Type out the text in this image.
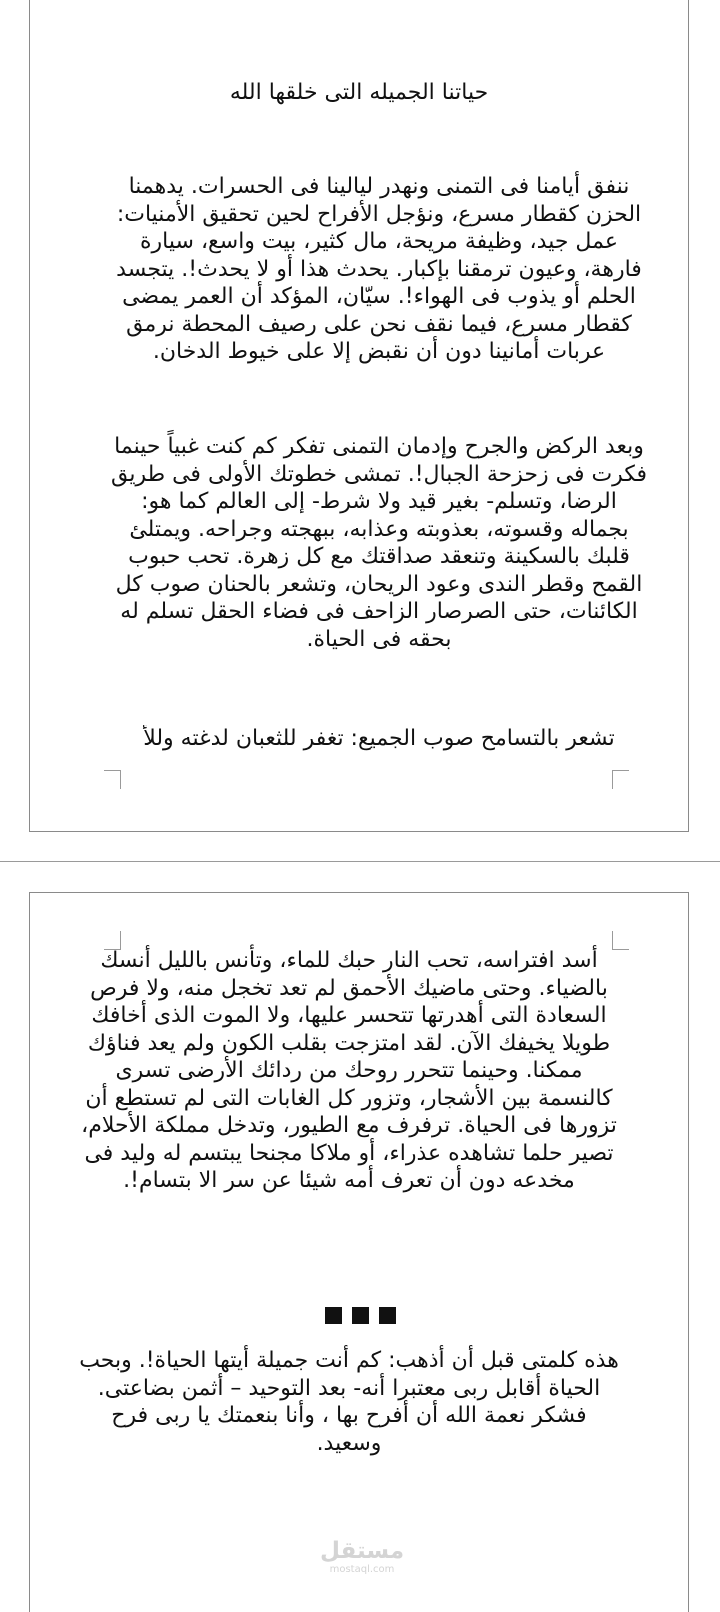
حياتنا الجميله التى خلقها الله

ننفق أيامنا فى التمنى ونهدر ليالينا فى الحسرات. يدهمنا الحزن كقطار مسرع، ونؤجل الأفراح لحين تحقيق الأمنيات: عمل جيد، وظيفة مريحة، مال كثير، بيت واسع، سيارة فارهة، وعيون ترمقنا بإكبار. يحدث هذا أو لا يحدث!. يتجسد الحلم أو يذوب فى الهواء!. سيّان، المؤكد أن العمر يمضى كقطار مسرع، فيما نقف نحن على رصيف المحطة نرمق عربات أمانينا دون أن نقبض إلا على خيوط الدخان.

وبعد الركض والجرح وإدمان التمنى تفكر كم كنت غبياً حينما فكرت فى زحزحة الجبال!. تمشى خطوتك الأولى فى طريق الرضا، وتسلم- بغير قيد ولا شرط- إلى العالم كما هو: بجماله وقسوته، بعذوبته وعذابه، ببهجته وجراحه. ويمتلئ قلبك بالسكينة وتنعقد صداقتك مع كل زهرة. تحب حبوب القمح وقطر الندى وعود الريحان، وتشعر بالحنان صوب كل الكائنات، حتى الصرصار الزاحف فى فضاء الحقل تسلم له بحقه فى الحياة.

تشعر بالتسامح صوب الجميع: تغفر للثعبان لدغته وللأ

أسد افتراسه، تحب النار حبك للماء، وتأنس بالليل أنسك بالضياء. وحتى ماضيك الأحمق لم تعد تخجل منه، ولا فرص السعادة التى أهدرتها تتحسر عليها، ولا الموت الذى أخافك طويلا يخيفك الآن. لقد امتزجت بقلب الكون ولم يعد فناؤك ممكنا. وحينما تتحرر روحك من ردائك الأرضى تسرى كالنسمة بين الأشجار، وتزور كل الغابات التى لم تستطع أن تزورها فى الحياة. ترفرف مع الطيور، وتدخل مملكة الأحلام، تصير حلما تشاهده عذراء، أو ملاكا مجنحا يبتسم له وليد فى مخدعه دون أن تعرف أمه شيئا عن سر الا بتسام!.

هذه كلمتى قبل أن أذهب: كم أنت جميلة أيتها الحياة!. وبحب الحياة أقابل ربى معتبرا أنه- بعد التوحيد – أثمن بضاعتى. فشكر نعمة الله أن أفرح بها ، وأنا بنعمتك يا ربى فرح وسعيد.

مستقل
mostaql.com
